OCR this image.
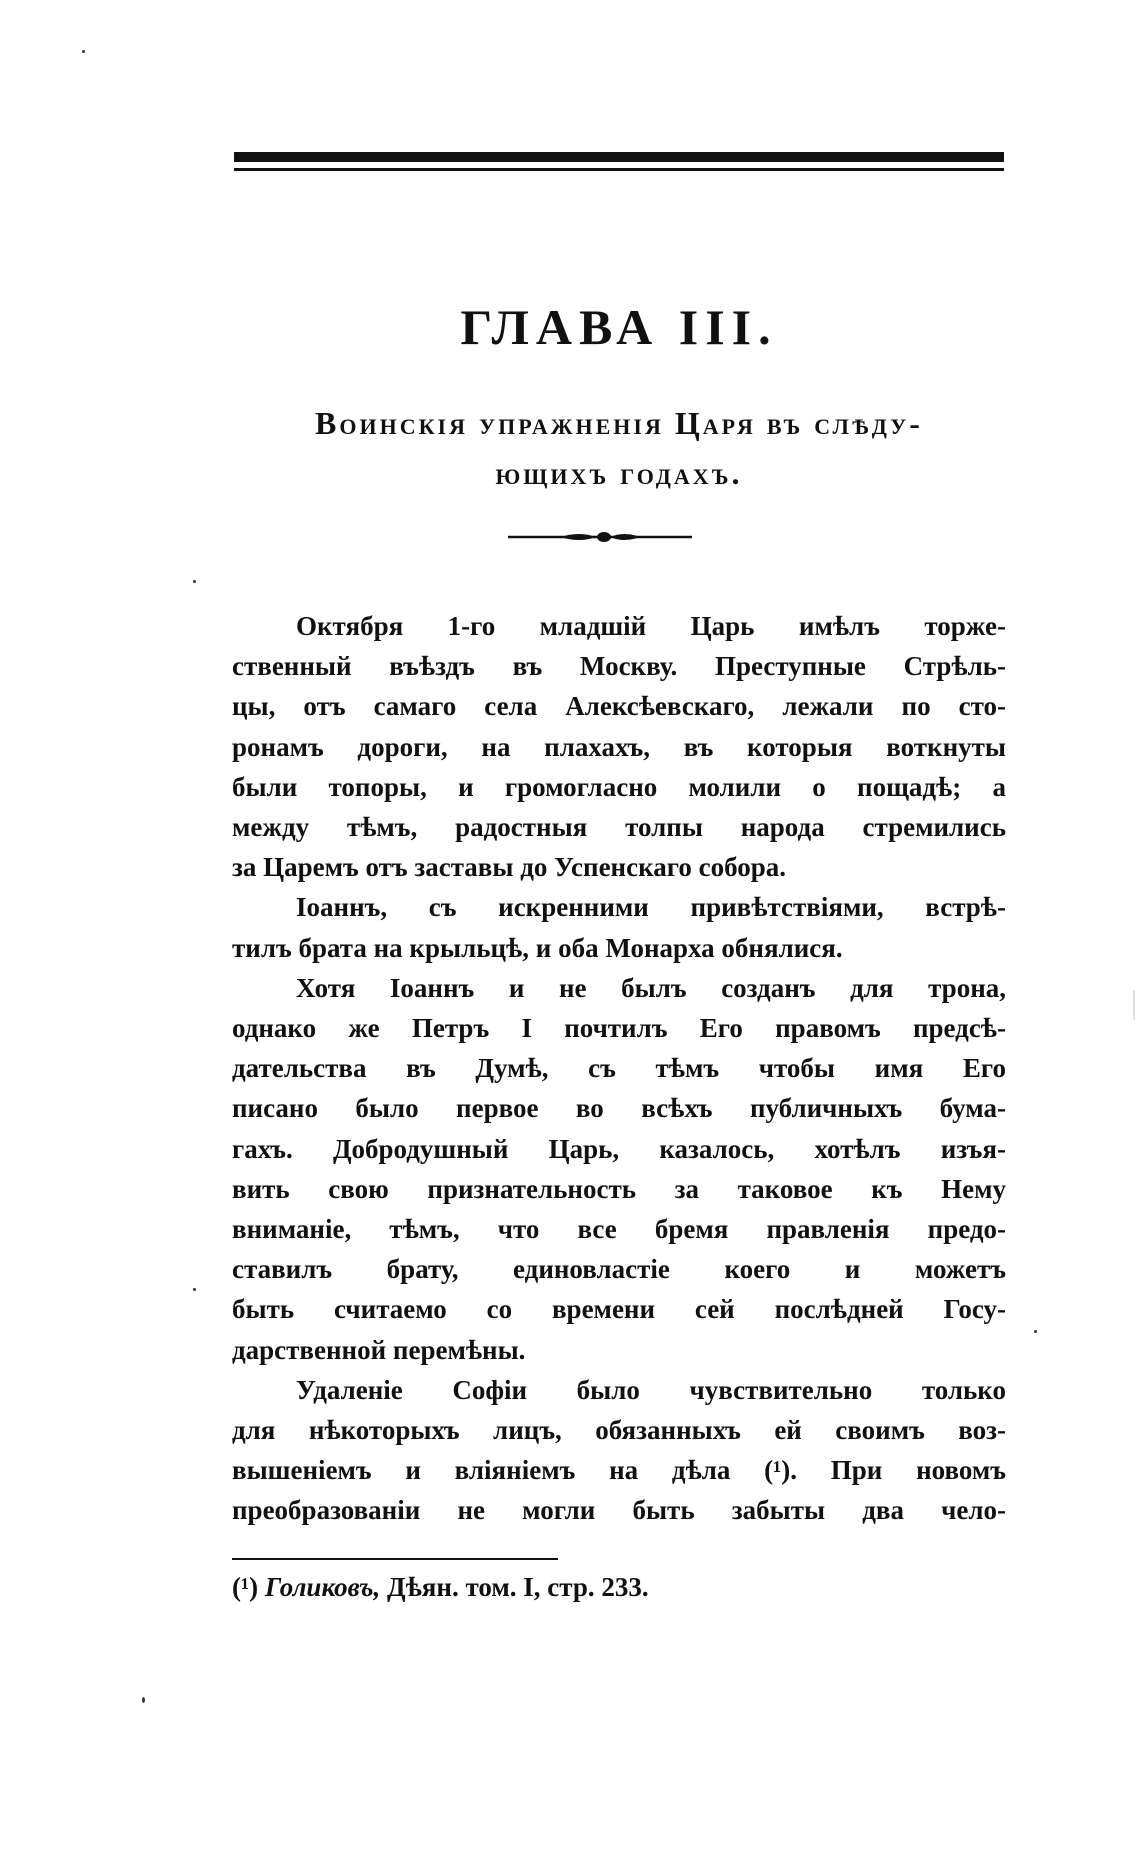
ГЛАВА III.
Воинскія упражненія Царя въ слѣду-
ющихъ годахъ.

Октября 1-го младшій Царь имѣлъ торже-
ственный въѣздъ въ Москву. Преступные Стрѣль-
цы, отъ самаго села Алексѣевскаго, лежали по сто-
ронамъ дороги, на плахахъ, въ которыя воткнуты
были топоры, и громогласно молили о пощадѣ; а
между тѣмъ, радостныя толпы народа стремились
за Царемъ отъ заставы до Успенскаго собора.

Іоаннъ, съ искренними привѣтствіями, встрѣ-
тилъ брата на крыльцѣ, и оба Монарха обнялися.

Хотя Іоаннъ и не былъ созданъ для трона,
однако же Петръ I почтилъ Его правомъ предсѣ-
дательства въ Думѣ, съ тѣмъ чтобы имя Его
писано было первое во всѣхъ публичныхъ бума-
гахъ. Добродушный Царь, казалось, хотѣлъ изъя-
вить свою признательность за таковое къ Нему
вниманіе, тѣмъ, что все бремя правленія предо-
ставилъ брату, единовластіе коего и можетъ
быть считаемо со времени сей послѣдней Госу-
дарственной перемѣны.

Удаленіе Софіи было чувствительно только
для нѣкоторыхъ лицъ, обязанныхъ ей своимъ воз-
вышеніемъ и вліяніемъ на дѣла (¹). При новомъ
преобразованіи не могли быть забыты два чело-

(¹) Голиковъ, Дѣян. том. I, стр. 233.
